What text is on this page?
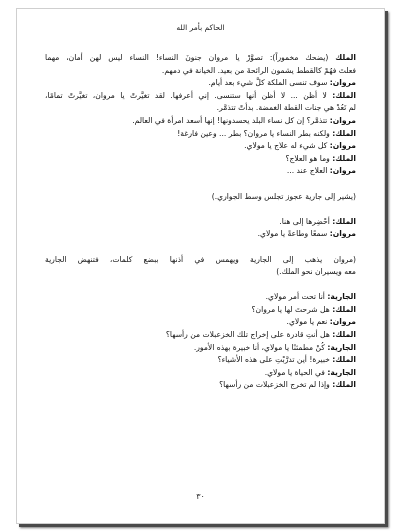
الحاكم بأمر الله
الملك (يضحك مخموراً): تصوَّرْ يا مروان جنونَ النساء! النساء ليس لهن أمان، مهما
فعلتَ فهُمْ كالقطط يشمون الرائحةَ من بعيد. الخيانة في دمهم.
مروان: سوف تنسى الملكة كلَّ شيء بعد أيام.
الملك: لا أظن ... لا أظن أنها ستنسى. إني أعرفها. لقد تغيَّرتْ يا مروان، تغيَّرتْ تمامًا،
لم تَعُدْ هي جنات القطة الغمضة. بدأتْ تتذمَّر.
مروان: تتذمَّر؟ إن كل نساء البلد يحسدونها! إنها أسعد امرأة في العالم.
الملك: ولكنه بطر النساء يا مروان؟ بطر ... وعين فارغة!
مروان: كل شيء له علاج يا مولاي.
الملك: وما هو العلاج؟
مروان: العلاج عند ...
(يشير إلى جارية عجوز تجلس وسط الجواري.)
الملك: أحْضِرها إلى هنا.
مروان: سمعًا وطاعةً يا مولاي.
(مروان يذهب إلى الجارية ويهمس في أذنها ببضع كلمات، فتنهض الجارية
معه ويسيران نحو الملك.)
الجارية: أنا تحت أمر مولاي.
الملك: هل شرحتَ لها يا مروان؟
مروان: نعم يا مولاي.
الملك: هل أنتِ قادرة على إخراج تلك الخزعبلات من رأسها؟
الجارية: كُنْ مطمئنًا يا مولاي، أنا خبيرة بهذه الأمور.
الملك: خبيرة! أين تدرَّبْتِ على هذه الأشياء؟
الجارية: في الحياة يا مولاي.
الملك: وإذا لم تخرج الخزعبلات من رأسها؟
٣٠
